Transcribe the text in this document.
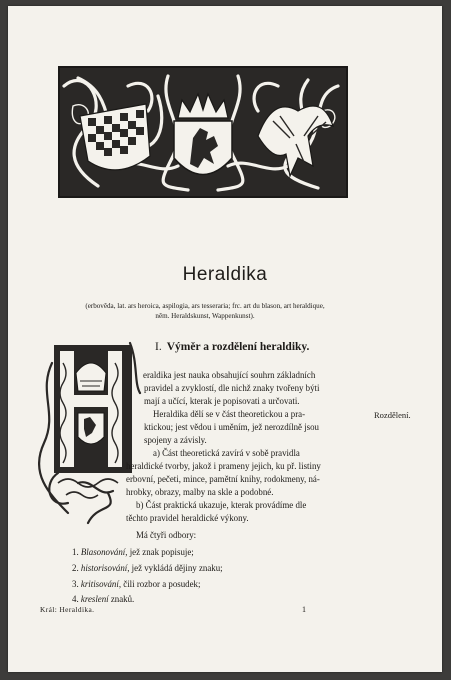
Heraldika
(erbověda, lat. ars heroica, aspilogia, ars tesseraria; frc. art du blason, art heraldique,
něm. Heraldskunst, Wappenkunst).
I. Výměr a rozdělení heraldiky.
Rozdělení.
eraldika jest nauka obsahující souhrn základních
pravidel a zvyklostí, dle nichž znaky tvořeny býti
mají a učící, kterak je popisovati a určovati.
Heraldika dělí se v část theoretickou a pra-
ktickou; jest vědou i uměním, jež nerozdílně jsou
spojeny a závisly.
a) Část theoretická zavírá v sobě pravidla
heraldické tvorby, jakož i prameny jejich, ku př. listiny
erbovní, pečeti, mince, pamětní knihy, rodokmeny, ná-
hrobky, obrazy, malby na skle a podobné.
b) Část praktická ukazuje, kterak provádíme dle
těchto pravidel heraldické výkony.
Má čtyři odbory:
1. Blasonování, jež znak popisuje;
2. historisování, jež vykládá dějiny znaku;
3. kritisování, čili rozbor a posudek;
4. kreslení znaků.
Král: Heraldika.	1
